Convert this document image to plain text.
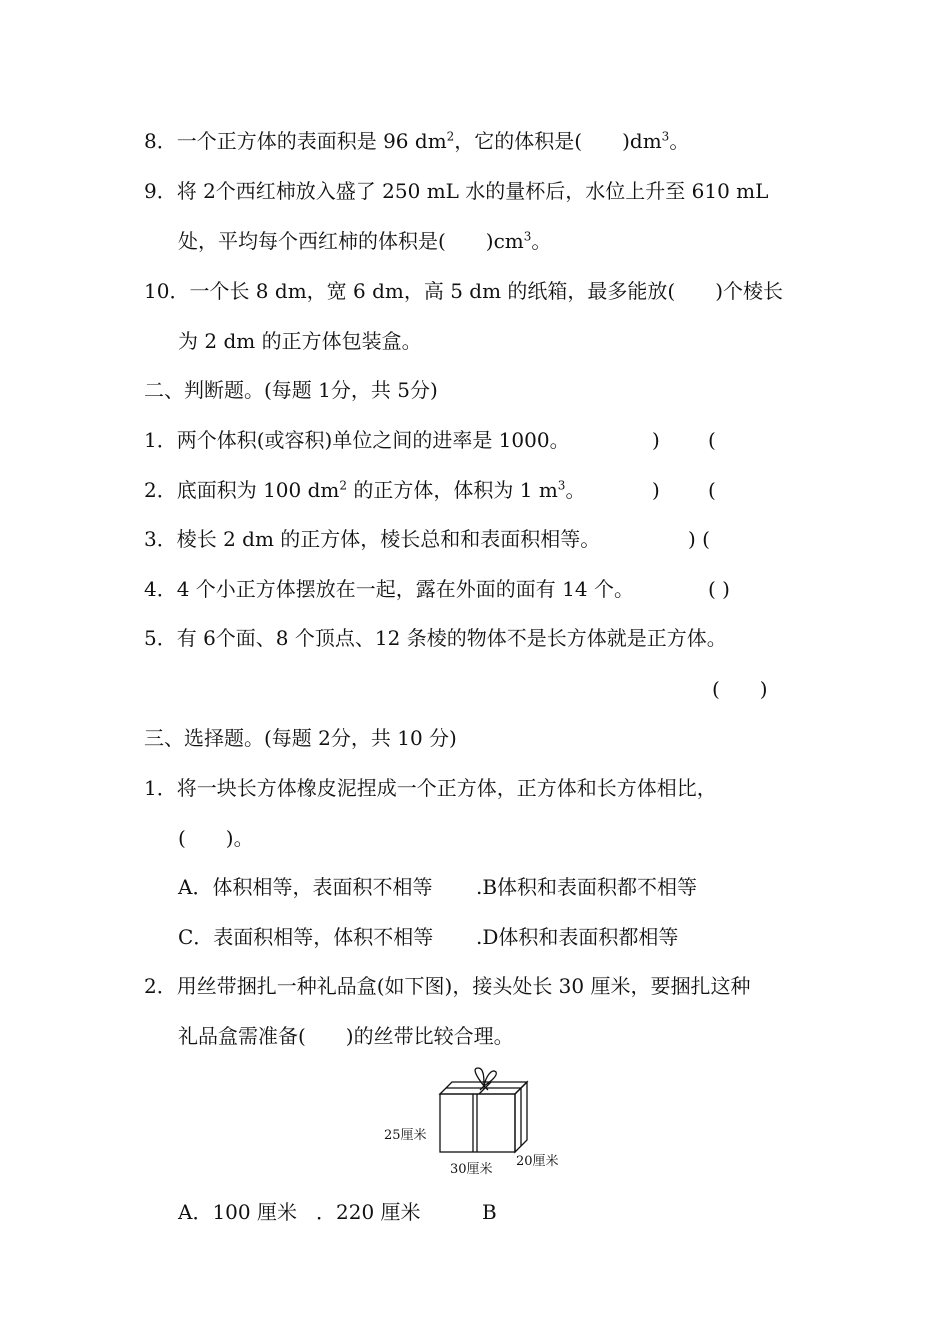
8．一个正方体的表面积是 96 $dm^2$，它的体积是(　　)$dm^3$。
9．将 2个西红柿放入盛了 250 mL 水的量杯后，水位上升至 610 mL
处，平均每个西红柿的体积是(　　)$cm^3$。
10．一个长 8 dm，宽 6 dm，高 5 dm 的纸箱，最多能放(　　)个棱长
为 2 dm 的正方体包装盒。
二、判断题。(每题 1分，共 5分)
1．两个体积(或容积)单位之间的进率是 1000。	) (
2．底面积为 100 $dm^2$ 的正方体，体积为 1 $m^3$。	) (
3．棱长 2 dm 的正方体，棱长总和和表面积相等。	) (
4．4 个小正方体摆放在一起，露在外面的面有 14 个。	( )
5．有 6个面、8 个顶点、12 条棱的物体不是长方体就是正方体。
(　　)
三、选择题。(每题 2分，共 10 分)
1．将一块长方体橡皮泥捏成一个正方体，正方体和长方体相比，
(　　)。
A．体积相等，表面积不相等 .B体积和表面积都不相等
C．表面积相等，体积不相等 .D体积和表面积都相等
2．用丝带捆扎一种礼品盒(如下图)，接头处长 30 厘米，要捆扎这种
礼品盒需准备(　　)的丝带比较合理。
25厘米
30厘米
20厘米
A．100 厘米 ．220 厘米	B
